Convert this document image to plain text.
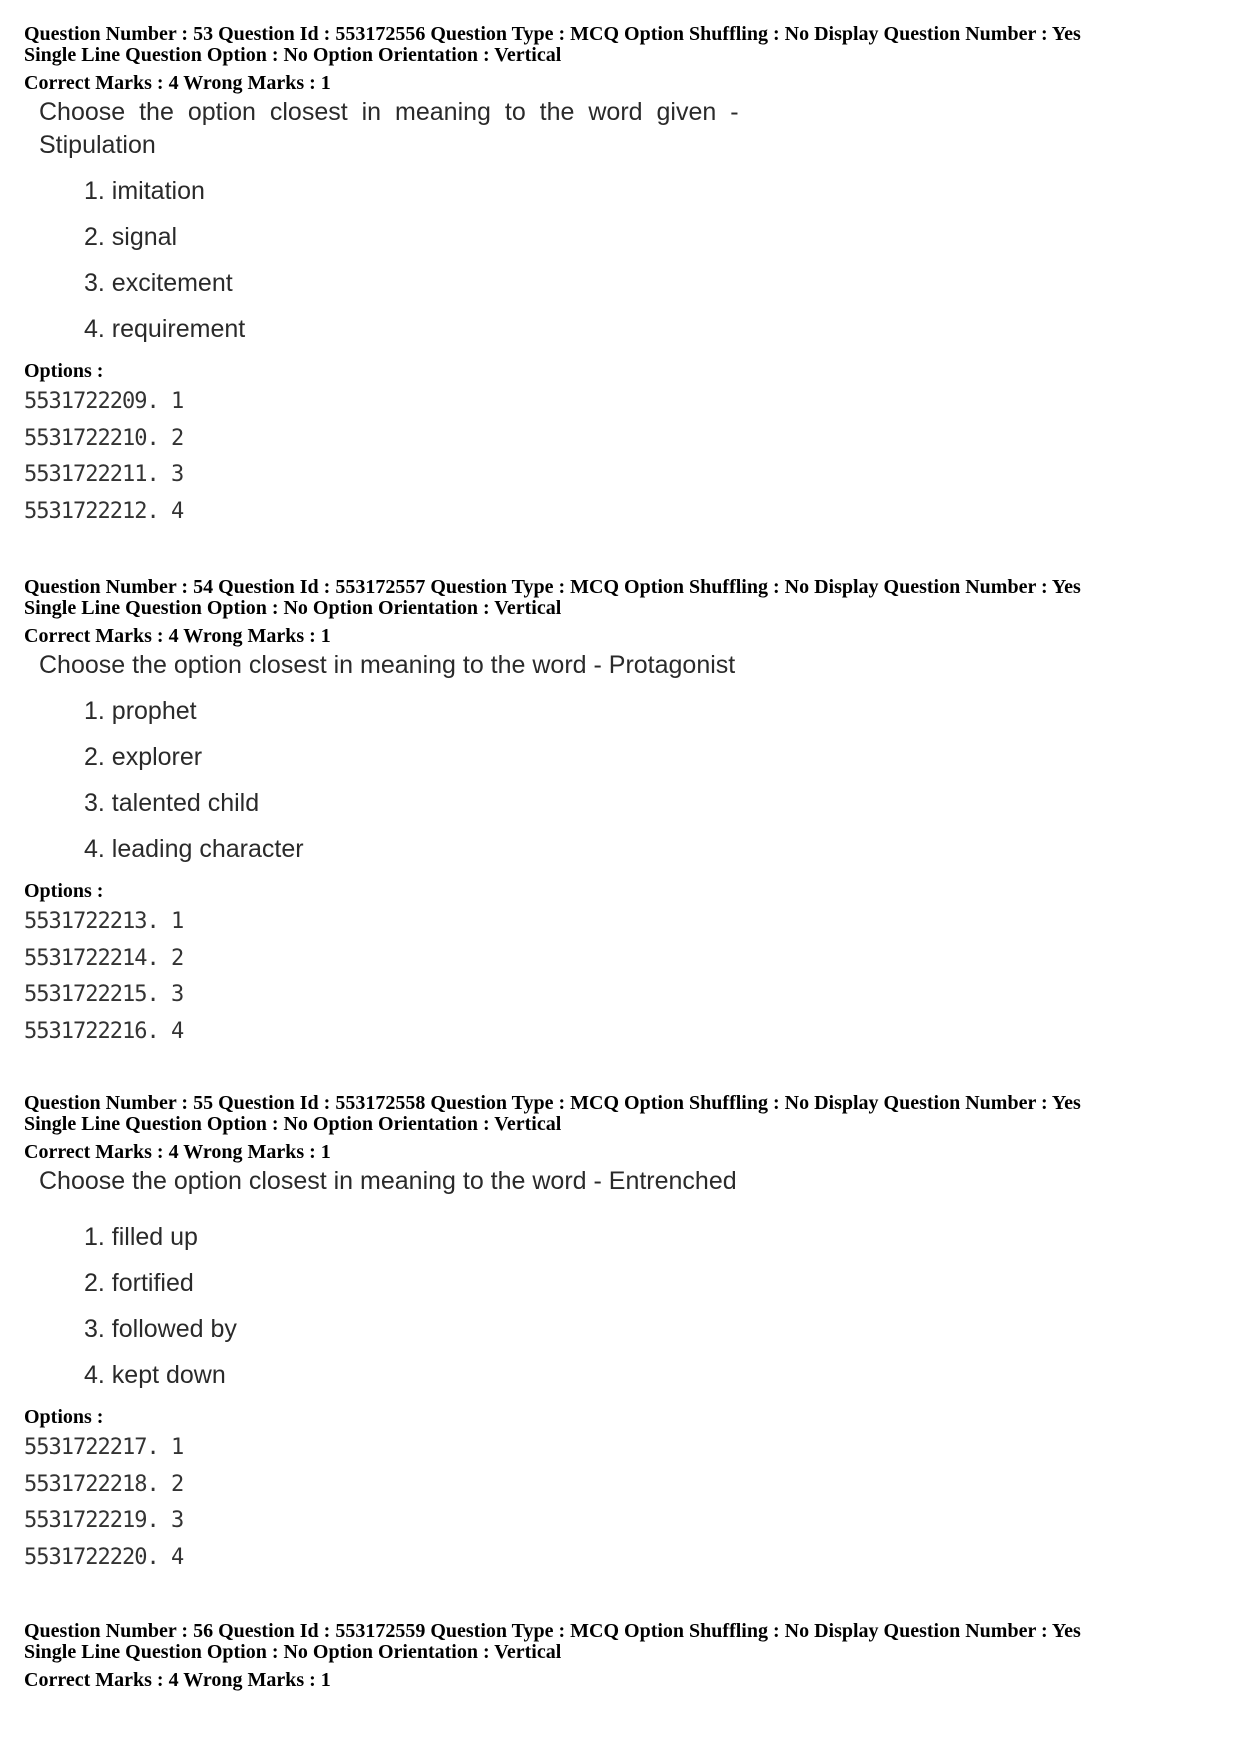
Question Number : 53 Question Id : 553172556 Question Type : MCQ Option Shuffling : No Display Question Number : Yes
Single Line Question Option : No Option Orientation : Vertical
Correct Marks : 4 Wrong Marks : 1
Choose the option closest in meaning to the word given -
Stipulation
1. imitation
2. signal
3. excitement
4. requirement
Options :
5531722209. 1
5531722210. 2
5531722211. 3
5531722212. 4
Question Number : 54 Question Id : 553172557 Question Type : MCQ Option Shuffling : No Display Question Number : Yes
Single Line Question Option : No Option Orientation : Vertical
Correct Marks : 4 Wrong Marks : 1
Choose the option closest in meaning to the word - Protagonist
1. prophet
2. explorer
3. talented child
4. leading character
Options :
5531722213. 1
5531722214. 2
5531722215. 3
5531722216. 4
Question Number : 55 Question Id : 553172558 Question Type : MCQ Option Shuffling : No Display Question Number : Yes
Single Line Question Option : No Option Orientation : Vertical
Correct Marks : 4 Wrong Marks : 1
Choose the option closest in meaning to the word - Entrenched
1. filled up
2. fortified
3. followed by
4. kept down
Options :
5531722217. 1
5531722218. 2
5531722219. 3
5531722220. 4
Question Number : 56 Question Id : 553172559 Question Type : MCQ Option Shuffling : No Display Question Number : Yes
Single Line Question Option : No Option Orientation : Vertical
Correct Marks : 4 Wrong Marks : 1
